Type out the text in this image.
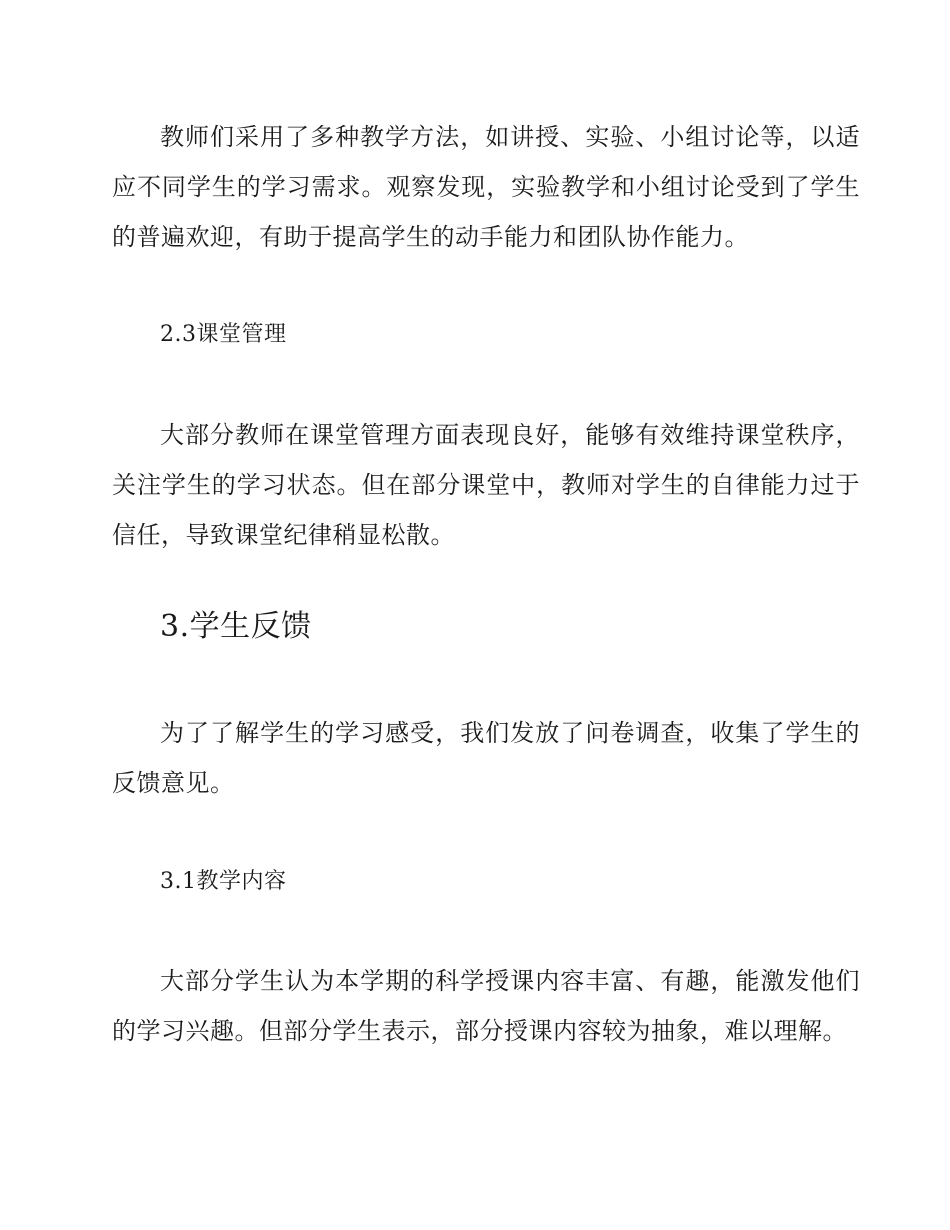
教师们采用了多种教学方法，如讲授、实验、小组讨论等，以适应不同学生的学习需求。观察发现，实验教学和小组讨论受到了学生的普遍欢迎，有助于提高学生的动手能力和团队协作能力。

2.3课堂管理

大部分教师在课堂管理方面表现良好，能够有效维持课堂秩序，关注学生的学习状态。但在部分课堂中，教师对学生的自律能力过于信任，导致课堂纪律稍显松散。

3.学生反馈

为了了解学生的学习感受，我们发放了问卷调查，收集了学生的反馈意见。

3.1教学内容

大部分学生认为本学期的科学授课内容丰富、有趣，能激发他们的学习兴趣。但部分学生表示，部分授课内容较为抽象，难以理解。
